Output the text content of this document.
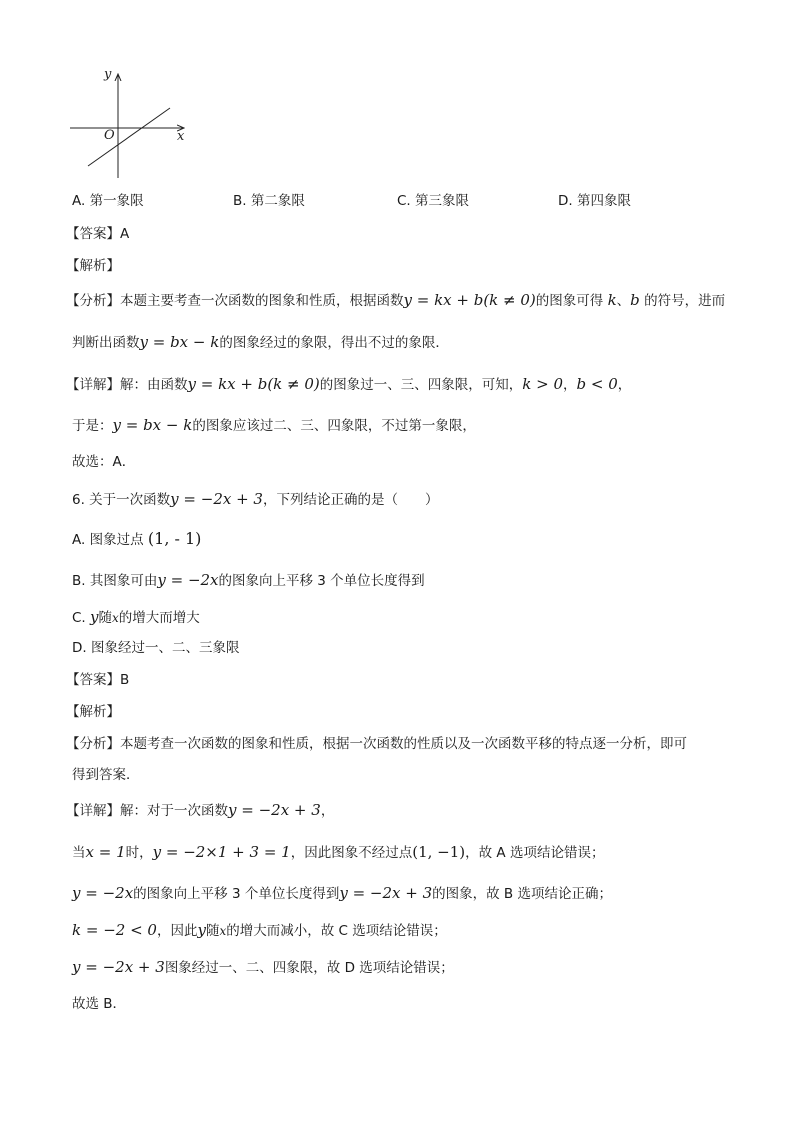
y
x
O
A. 第一象限	B. 第二象限	C. 第三象限	D. 第四象限
【答案】A
【解析】
【分析】本题主要考查一次函数的图象和性质，根据函数y = kx + b(k ≠ 0)的图象可得 k、b 的符号，进而
判断出函数y = bx − k的图象经过的象限，得出不过的象限．
【详解】解：由函数y = kx + b(k ≠ 0)的图象过一、三、四象限，可知，k > 0，b < 0，
于是：y = bx − k的图象应该过二、三、四象限，不过第一象限，
故选：A．
6. 关于一次函数y = −2x + 3，下列结论正确的是（　　）
A. 图象过点 (1, - 1)
B. 其图象可由y = −2x的图象向上平移 3 个单位长度得到
C. y随x的增大而增大
D. 图象经过一、二、三象限
【答案】B
【解析】
【分析】本题考查一次函数的图象和性质，根据一次函数的性质以及一次函数平移的特点逐一分析，即可
得到答案．
【详解】解：对于一次函数y = −2x + 3，
当x = 1时，y = −2×1 + 3 = 1，因此图象不经过点(1, −1)，故 A 选项结论错误；
y = −2x的图象向上平移 3 个单位长度得到y = −2x + 3的图象，故 B 选项结论正确；
k = −2 < 0，因此y随x的增大而减小，故 C 选项结论错误；
y = −2x + 3图象经过一、二、四象限，故 D 选项结论错误；
故选 B．
